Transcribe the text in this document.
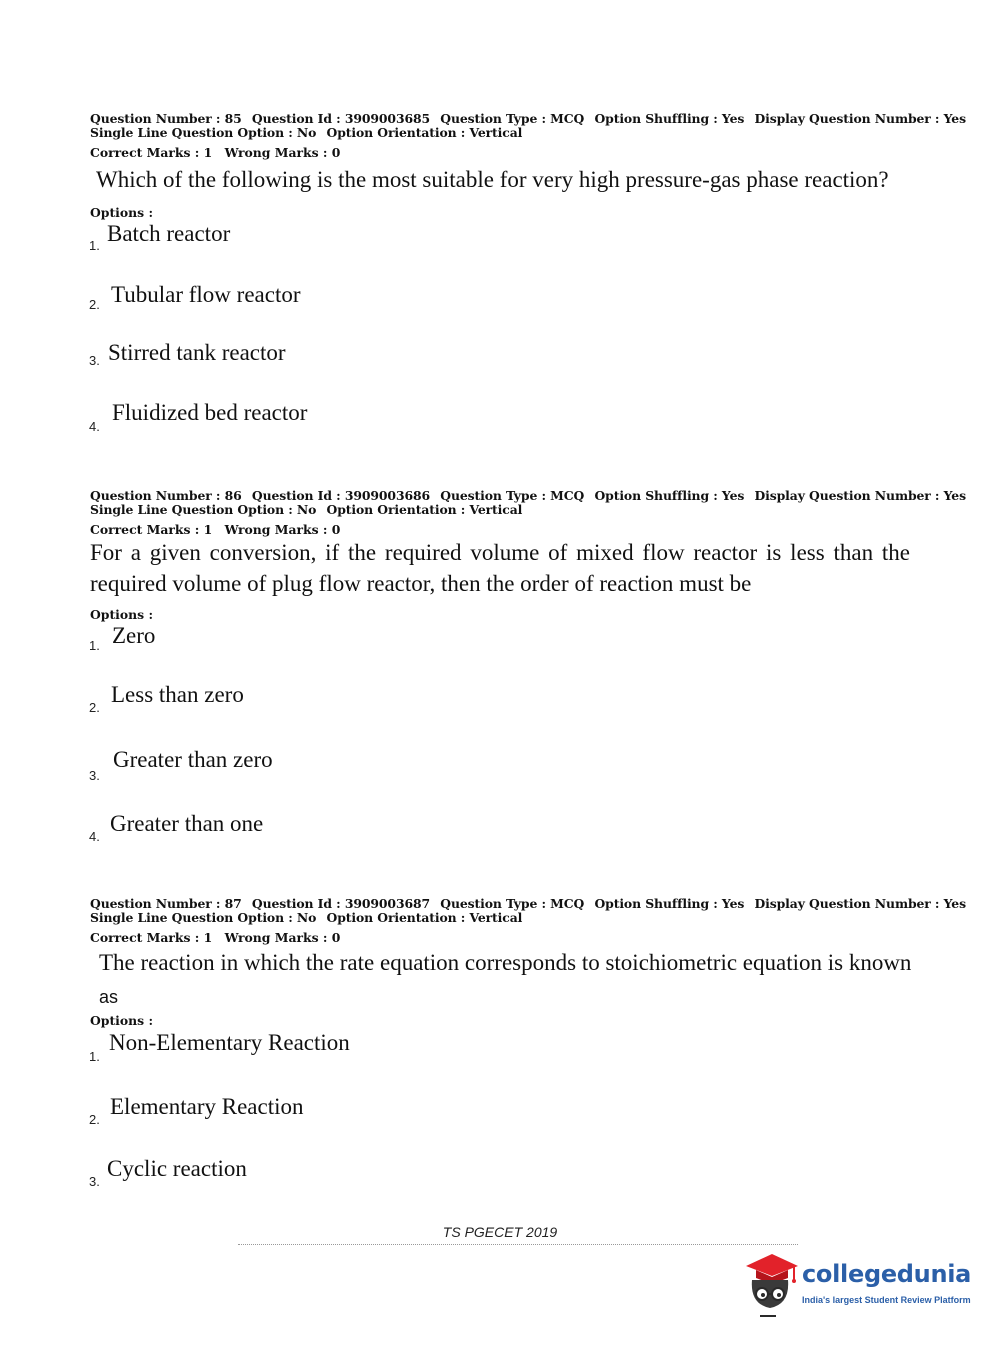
Question Number : 85 Question Id : 3909003685 Question Type : MCQ Option Shuffling : Yes Display Question Number : Yes
Single Line Question Option : No Option Orientation : Vertical
Correct Marks : 1 Wrong Marks : 0
Which of the following is the most suitable for very high pressure-gas phase reaction?
Options :
1. Batch reactor
2. Tubular flow reactor
3. Stirred tank reactor
4.
Fluidized bed reactor
Question Number : 86 Question Id : 3909003686 Question Type : MCQ Option Shuffling : Yes Display Question Number : Yes
Single Line Question Option : No Option Orientation : Vertical
Correct Marks : 1 Wrong Marks : 0
For a given conversion, if the required volume of mixed flow reactor is less than the required volume of plug flow reactor, then the order of reaction must be
Options :
1. Zero
2.
Less than zero
3.
Greater than zero
4.
Greater than one
Question Number : 87 Question Id : 3909003687 Question Type : MCQ Option Shuffling : Yes Display Question Number : Yes
Single Line Question Option : No Option Orientation : Vertical
Correct Marks : 1 Wrong Marks : 0
The reaction in which the rate equation corresponds to stoichiometric equation is known
as
Options :
1.
Non-Elementary Reaction
2.
Elementary Reaction
3.
Cyclic reaction
TS PGECET 2019
collegedunia
India's largest Student Review Platform
